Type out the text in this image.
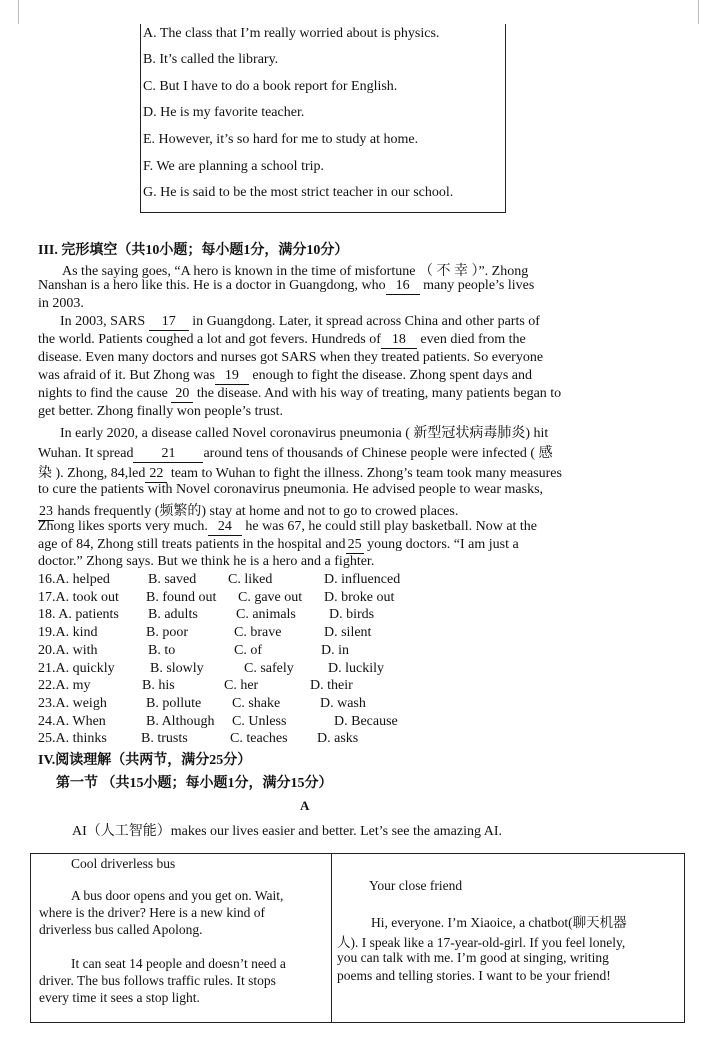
A. The class that I’m really worried about is physics.
B. It’s called the library.
C. But I have to do a book report for English.
D. He is my favorite teacher.
E. However, it’s so hard for me to study at home.
F. We are planning a school trip.
G. He is said to be the most strict teacher in our school.
III. 完形填空（共10小题；每小题1分，满分10分）
As the saying goes, “A hero is known in the time of misfortune （ 不 幸 ）”. Zhong
Nanshan is a hero like this. He is a doctor in Guangdong, who 16 many people’s lives
in 2003.
In 2003, SARS 17 in Guangdong. Later, it spread across China and other parts of
the world. Patients coughed a lot and got fevers. Hundreds of 18 even died from the
disease. Even many doctors and nurses got SARS when they treated patients. So everyone
was afraid of it. But Zhong was 19 enough to fight the disease. Zhong spent days and
nights to find the cause 20 the disease. And with his way of treating, many patients began to
get better. Zhong finally won people’s trust.
In early 2020, a disease called Novel coronavirus pneumonia ( 新型冠状病毒肺炎) hit
Wuhan. It spread 21 around tens of thousands of Chinese people were infected ( 感
染 ). Zhong, 84,led 22 team to Wuhan to fight the illness. Zhong’s team took many measures
to cure the patients with Novel coronavirus pneumonia. He advised people to wear masks,
23 hands frequently (频繁的) stay at home and not to go to crowed places.
Zhong likes sports very much. 24 he was 67, he could still play basketball. Now at the
age of 84, Zhong still treats patients in the hospital and 25 young doctors. “I am just a
doctor.” Zhong says. But we think he is a hero and a fighter.
16.A. helped	B. saved C. liked	D. influenced
17.A. took out B. found out C. gave out D. broke out
18. A. patients B. adults	C. animals D. birds
19.A. kind	B. poor	C. brave	D. silent
20.A. with	B. to	C. of	D. in
21.A. quickly	B. slowly	C. safely D. luckily
22.A. my	B. his	C. her	D. their
23.A. weigh	B. pollute C. shake	D. wash
24.A. When	B. Although C. Unless	D. Because
25.A. thinks B. trusts	C. teaches D. asks
IV.阅读理解（共两节，满分25分）
第一节 （共15小题；每小题1分，满分15分）
A
AI（人工智能）makes our lives easier and better. Let’s see the amazing AI.
Cool driverless bus
A bus door opens and you get on. Wait,
where is the driver? Here is a new kind of
driverless bus called Apolong.
It can seat 14 people and doesn’t need a
driver. The bus follows traffic rules. It stops
every time it sees a stop light.
Your close friend
Hi, everyone. I’m Xiaoice, a chatbot(聊天机器
人). I speak like a 17-year-old-girl. If you feel lonely,
you can talk with me. I’m good at singing, writing
poems and telling stories. I want to be your friend!
